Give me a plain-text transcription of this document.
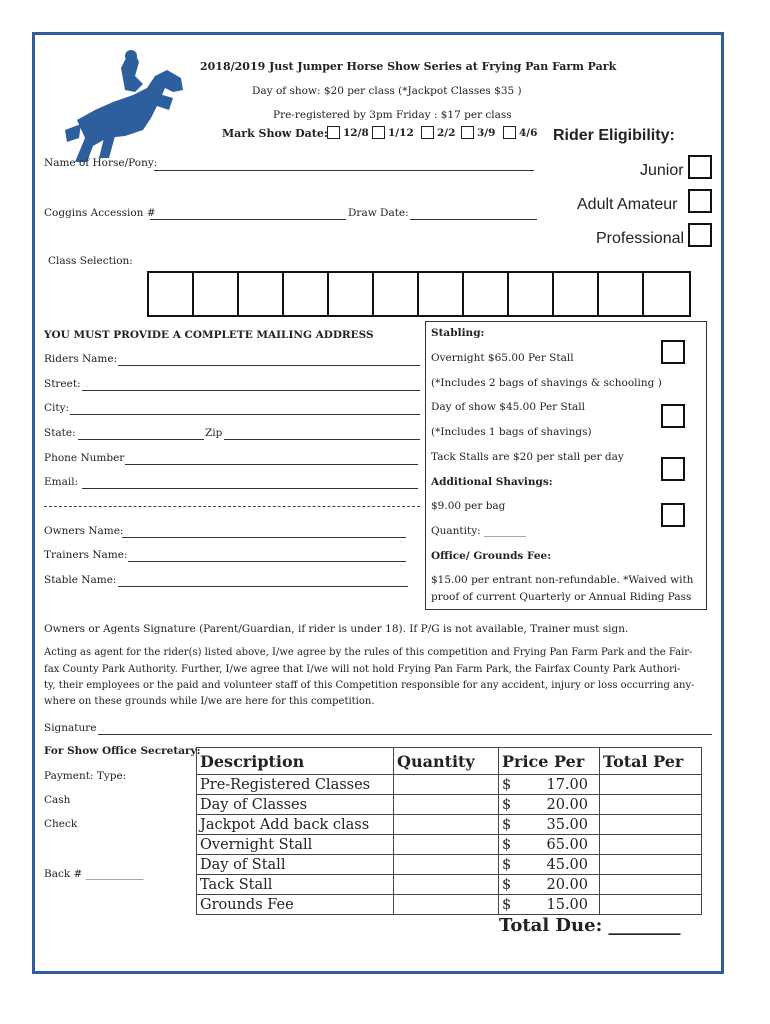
2018/2019 Just Jumper Horse Show Series at Frying Pan Farm Park
Day of show: $20 per class (*Jackpot Classes $35 )
Pre-registered by 3pm Friday : $17 per class
Mark Show Date: 12/8 1/12 2/2 3/9 4/6 Rider Eligibility:
Junior
Adult Amateur
Professional
Name of Horse/Pony:
Coggins Accession #	Draw Date:
Class Selection:
YOU MUST PROVIDE A COMPLETE MAILING ADDRESS
Riders Name:
Street:
City:
State:	Zip
Phone Number
Email:
Owners Name:
Trainers Name:
Stable Name:
Stabling:
Overnight $65.00 Per Stall
(*Includes 2 bags of shavings & schooling )
Day of show $45.00 Per Stall
(*Includes 1 bags of shavings)
Tack Stalls are $20 per stall per day
Additional Shavings:
$9.00 per bag
Quantity: ________
Office/ Grounds Fee:
$15.00 per entrant non-refundable. *Waived with
proof of current Quarterly or Annual Riding Pass
Owners or Agents Signature (Parent/Guardian, if rider is under 18). If P/G is not available, Trainer must sign.
Acting as agent for the rider(s) listed above, I/we agree by the rules of this competition and Frying Pan Farm Park and the Fair-
fax County Park Authority. Further, I/we agree that I/we will not hold Frying Pan Farm Park, the Fairfax County Park Authori-
ty, their employees or the paid and volunteer staff of this Competition responsible for any accident, injury or loss occurring any-
where on these grounds while I/we are here for this competition.
Signature
For Show Office Secretary:
Payment: Type:
Cash
Check
Back # ___________
Description	Quantity	Price Per	Total Per
Pre-Registered Classes		$ 17.00	

Day of Classes		$ 20.00	

Jackpot Add back class		$ 35.00	

Overnight Stall		$ 65.00	

Day of Stall		$ 45.00	

Tack Stall		$ 20.00	

Grounds Fee		$ 15.00	

Total Due: ________
